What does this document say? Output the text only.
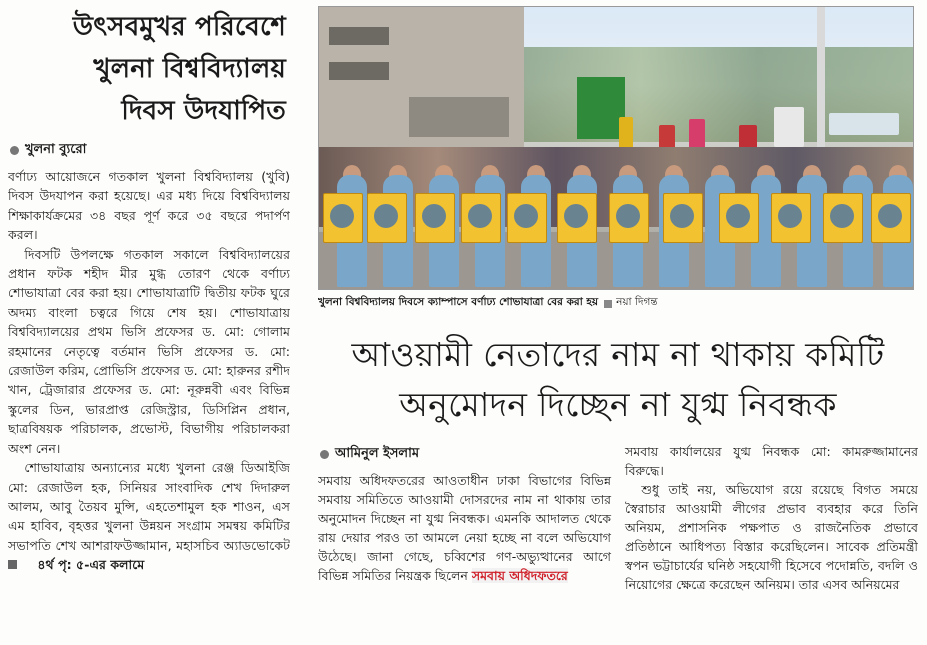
উৎসবমুখর পরিবেশে
খুলনা বিশ্ববিদ্যালয়
দিবস উদযাপিত
খুলনা ব্যুরো

বর্ণাঢ্য আয়োজনে গতকাল খুলনা বিশ্ববিদ্যালয় (খুবি) দিবস উদযাপন করা হয়েছে। এর মধ্য দিয়ে বিশ্ববিদ্যালয় শিক্ষাকার্যক্রমের ৩৪ বছর পূর্ণ করে ৩৫ বছরে পদার্পণ করল।

দিবসটি উপলক্ষে গতকাল সকালে বিশ্ববিদ্যালয়ের প্রধান ফটক শহীদ মীর মুগ্ধ তোরণ থেকে বর্ণাঢ্য শোভাযাত্রা বের করা হয়। শোভাযাত্রাটি দ্বিতীয় ফটক ঘুরে অদম্য বাংলা চত্বরে গিয়ে শেষ হয়। শোভাযাত্রায় বিশ্ববিদ্যালয়ের প্রথম ভিসি প্রফেসর ড. মো: গোলাম রহমানের নেতৃত্বে বর্তমান ভিসি প্রফেসর ড. মো: রেজাউল করিম, প্রোভিসি প্রফেসর ড. মো: হারুনর রশীদ খান, ট্রেজারার প্রফেসর ড. মো: নূরুন্নবী এবং বিভিন্ন স্কুলের ডিন, ভারপ্রাপ্ত রেজিস্ট্রার, ডিসিপ্লিন প্রধান, ছাত্রবিষয়ক পরিচালক, প্রভোস্ট, বিভাগীয় পরিচালকরা অংশ নেন।

শোভাযাত্রায় অন্যান্যের মধ্যে খুলনা রেঞ্জ ডিআইজি মো: রেজাউল হক, সিনিয়র সাংবাদিক শেখ দিদারুল আলম, আবু তৈয়ব মুন্সি, এহতেশামুল হক শাওন, এস এম হাবিব, বৃহত্তর খুলনা উন্নয়ন সংগ্রাম সমন্বয় কমিটির সভাপতি শেখ আশরাফউজ্জামান, মহাসচিব অ্যাডভোকেট
৪র্থ পৃ: ৫-এর কলামে

খুলনা বিশ্ববিদ্যালয় দিবসে ক্যাম্পাসে বর্ণাঢ্য শোভাযাত্রা বের করা হয় নয়া দিগন্ত
আওয়ামী নেতাদের নাম না থাকায় কমিটি
অনুমোদন দিচ্ছেন না যুগ্ম নিবন্ধক
আমিনুল ইসলাম

সমবায় অধিদফতরের আওতাধীন ঢাকা বিভাগের বিভিন্ন সমবায় সমিতিতে আওয়ামী দোসরদের নাম না থাকায় তার অনুমোদন দিচ্ছেন না যুগ্ম নিবন্ধক। এমনকি আদালত থেকে রায় দেয়ার পরও তা আমলে নেয়া হচ্ছে না বলে অভিযোগ উঠেছে। জানা গেছে, চব্বিশের গণ-অভ্যুত্থানের আগে বিভিন্ন সমিতির নিয়ন্ত্রক ছিলেন সমবায় অধিদফতরে

সমবায় কার্যালয়ের যুগ্ম নিবন্ধক মো: কামরুজ্জামানের বিরুদ্ধে।

শুধু তাই নয়, অভিযোগ রয়ে রয়েছে বিগত সময়ে স্বৈরাচার আওয়ামী লীগের প্রভাব ব্যবহার করে তিনি অনিয়ম, প্রশাসনিক পক্ষপাত ও রাজনৈতিক প্রভাবে প্রতিষ্ঠানে আধিপত্য বিস্তার করেছিলেন। সাবেক প্রতিমন্ত্রী স্বপন ভট্টাচার্যের ঘনিষ্ঠ সহযোগী হিসেবে পদোন্নতি, বদলি ও নিয়োগের ক্ষেত্রে করেছেন অনিয়ম। তার এসব অনিয়মের
